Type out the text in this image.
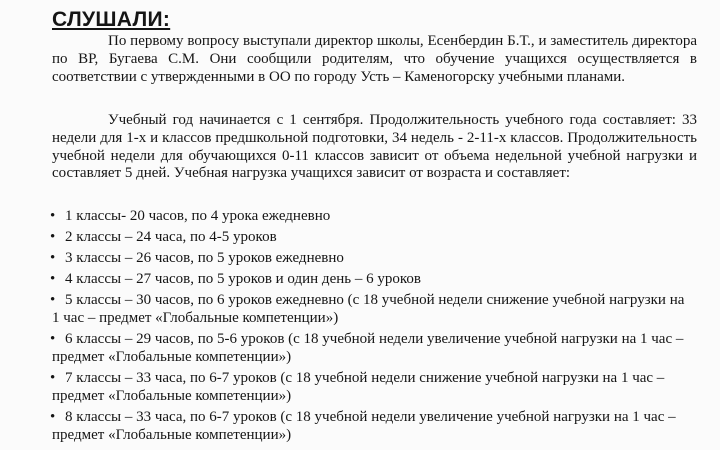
СЛУШАЛИ:

По первому вопросу выступали директор школы, Есенбердин Б.Т., и заместитель директора по ВР, Бугаева С.М. Они сообщили родителям, что обучение учащихся осуществляется в соответствии с утвержденными в ОО по городу Усть – Каменогорску учебными планами.

Учебный год начинается с 1 сентября. Продолжительность учебного года составляет: 33 недели для 1-х и классов предшкольной подготовки, 34 недель - 2-11-х классов. Продолжительность учебной недели для обучающихся 0-11 классов зависит от объема недельной учебной нагрузки и составляет 5 дней. Учебная нагрузка учащихся зависит от возраста и составляет:

• 1 классы- 20 часов, по 4 урока ежедневно
• 2 классы – 24 часа, по 4-5 уроков
• 3 классы – 26 часов, по 5 уроков ежедневно
• 4 классы – 27 часов, по 5 уроков и один день – 6 уроков
• 5 классы – 30 часов, по 6 уроков ежедневно (с 18 учебной недели снижение учебной нагрузки на 1 час – предмет «Глобальные компетенции»)
• 6 классы – 29 часов, по 5-6 уроков (с 18 учебной недели увеличение учебной нагрузки на 1 час – предмет «Глобальные компетенции»)
• 7 классы – 33 часа, по 6-7 уроков (с 18 учебной недели снижение учебной нагрузки на 1 час – предмет «Глобальные компетенции»)
• 8 классы – 33 часа, по 6-7 уроков (с 18 учебной недели увеличение учебной нагрузки на 1 час – предмет «Глобальные компетенции»)
